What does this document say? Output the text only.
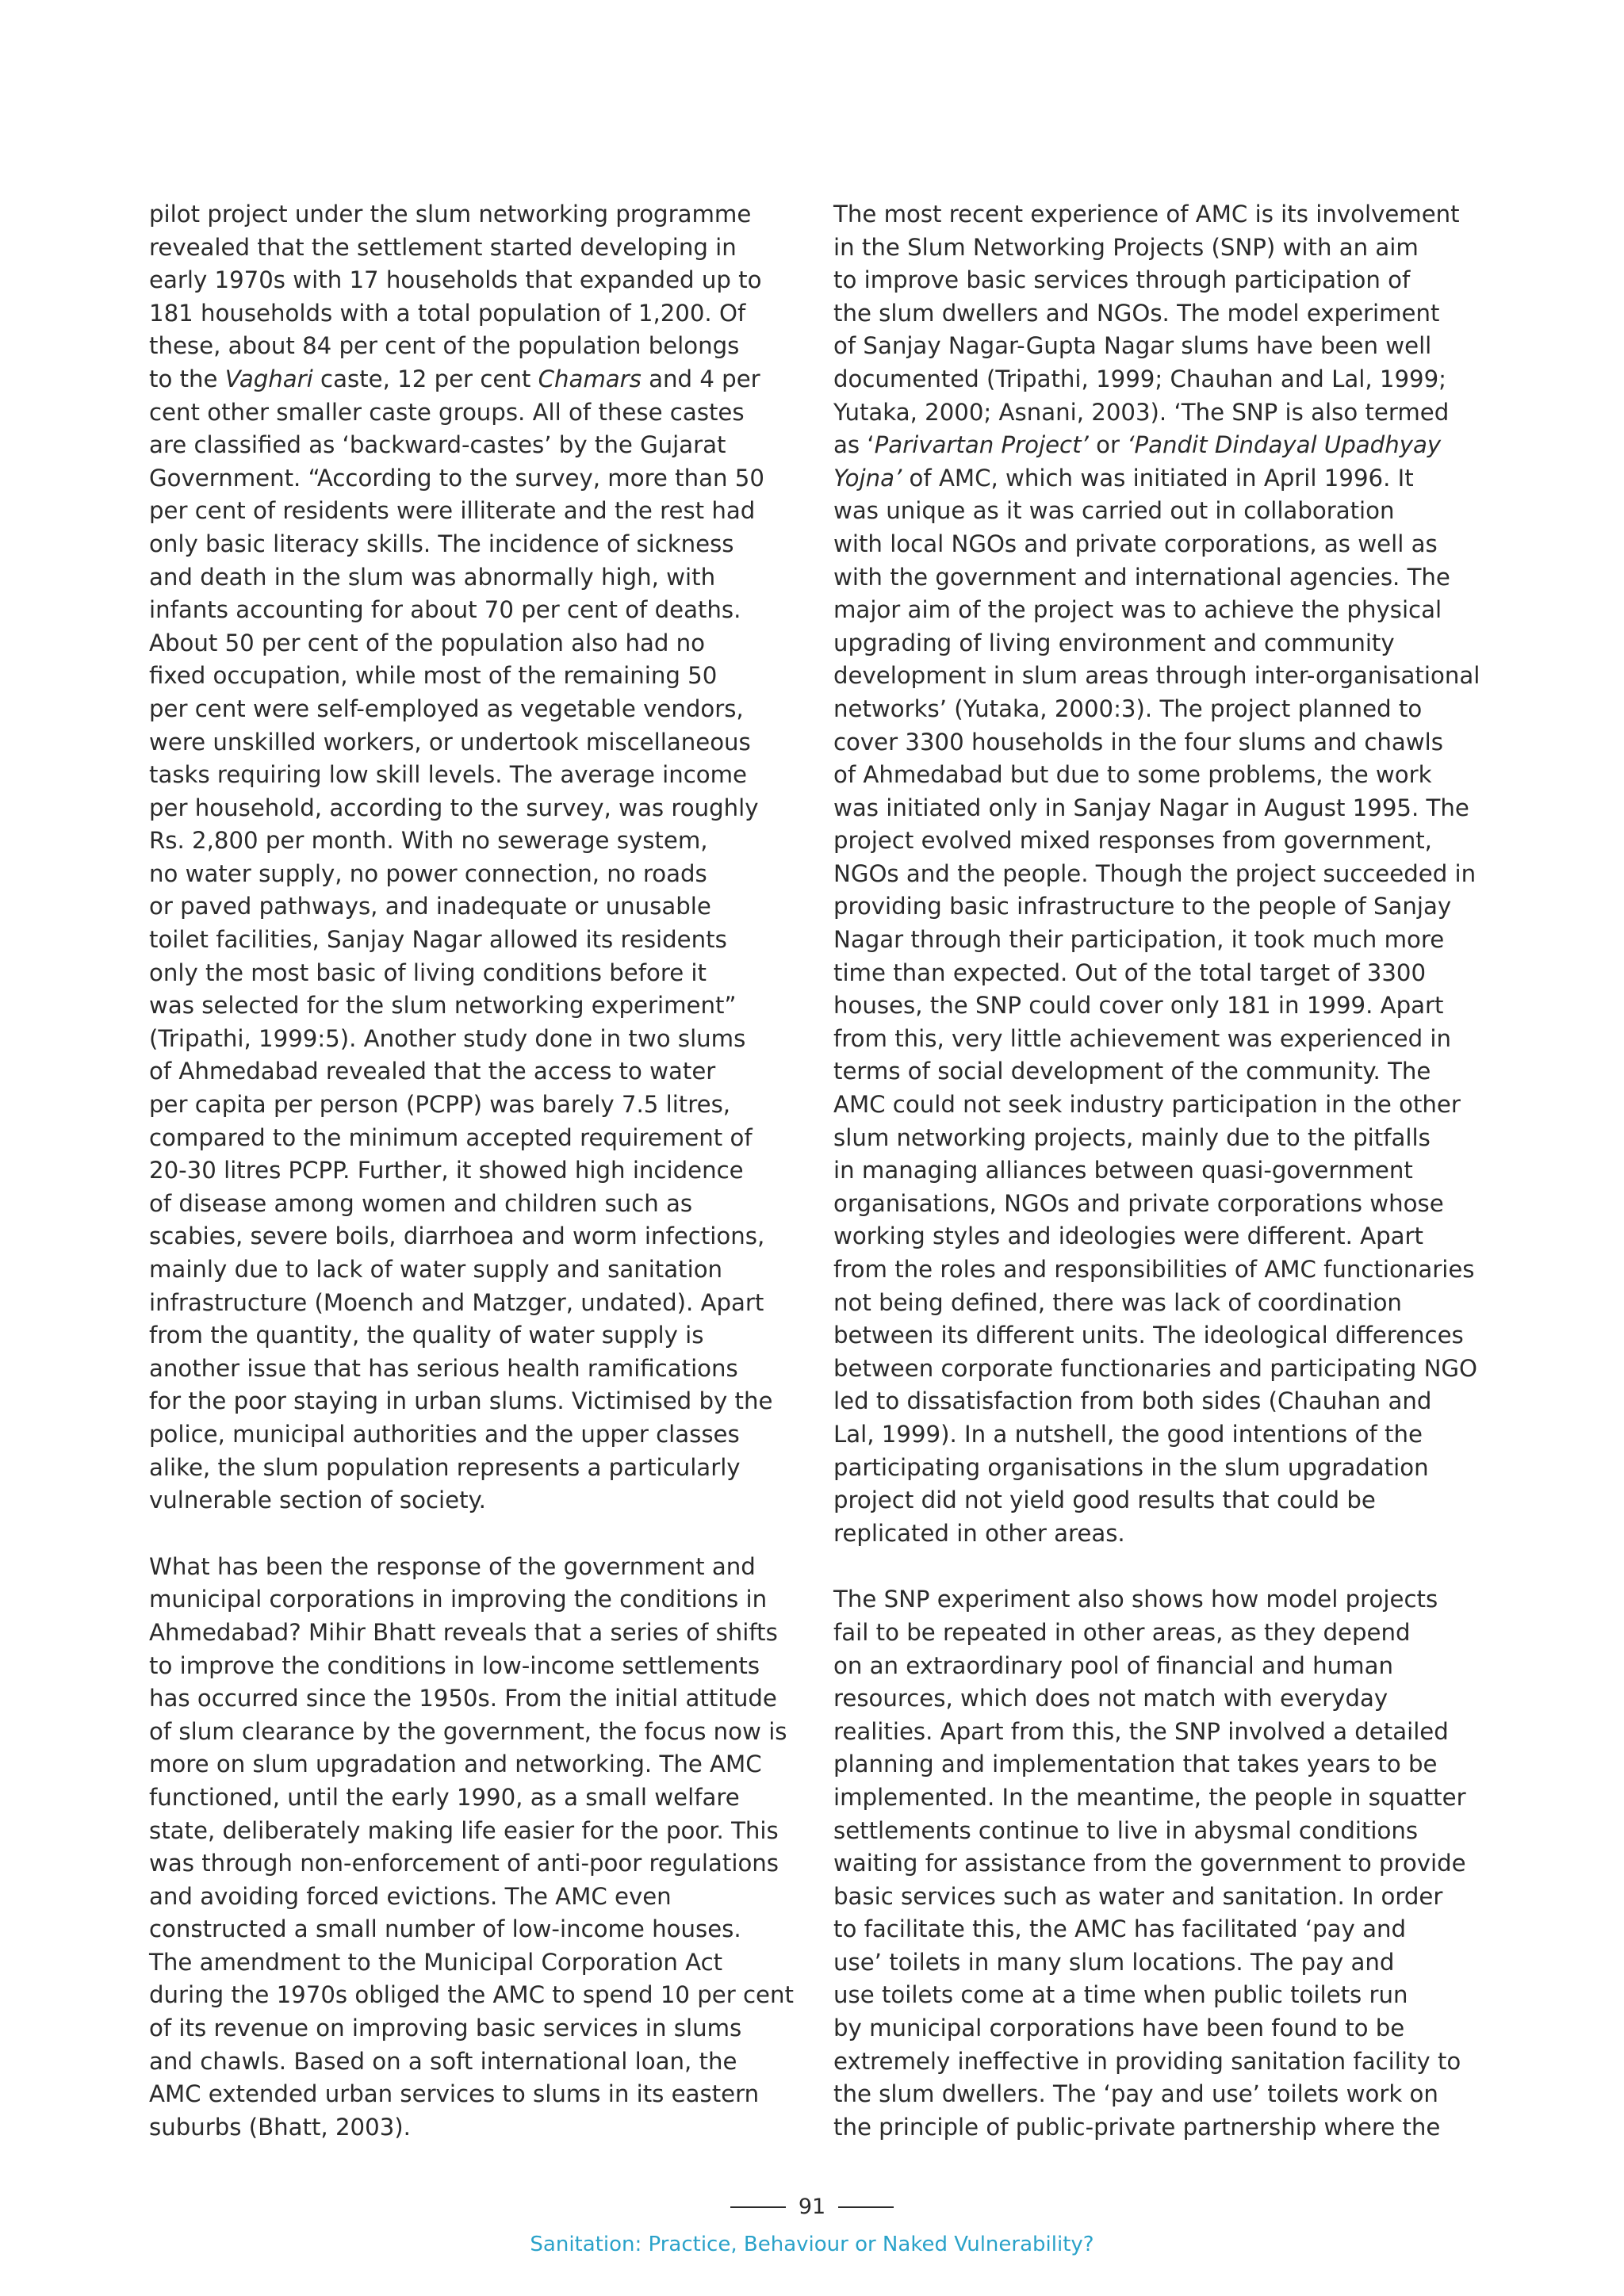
pilot project under the slum networking programme
revealed that the settlement started developing in
early 1970s with 17 households that expanded up to
181 households with a total population of 1,200. Of
these, about 84 per cent of the population belongs
to the Vaghari caste, 12 per cent Chamars and 4 per
cent other smaller caste groups. All of these castes
are classified as ‘backward-castes’ by the Gujarat
Government. “According to the survey, more than 50
per cent of residents were illiterate and the rest had
only basic literacy skills. The incidence of sickness
and death in the slum was abnormally high, with
infants accounting for about 70 per cent of deaths.
About 50 per cent of the population also had no
fixed occupation, while most of the remaining 50
per cent were self-employed as vegetable vendors,
were unskilled workers, or undertook miscellaneous
tasks requiring low skill levels. The average income
per household, according to the survey, was roughly
Rs. 2,800 per month. With no sewerage system,
no water supply, no power connection, no roads
or paved pathways, and inadequate or unusable
toilet facilities, Sanjay Nagar allowed its residents
only the most basic of living conditions before it
was selected for the slum networking experiment”
(Tripathi, 1999:5). Another study done in two slums
of Ahmedabad revealed that the access to water
per capita per person (PCPP) was barely 7.5 litres,
compared to the minimum accepted requirement of
20-30 litres PCPP. Further, it showed high incidence
of disease among women and children such as
scabies, severe boils, diarrhoea and worm infections,
mainly due to lack of water supply and sanitation
infrastructure (Moench and Matzger, undated). Apart
from the quantity, the quality of water supply is
another issue that has serious health ramifications
for the poor staying in urban slums. Victimised by the
police, municipal authorities and the upper classes
alike, the slum population represents a particularly
vulnerable section of society.

What has been the response of the government and
municipal corporations in improving the conditions in
Ahmedabad? Mihir Bhatt reveals that a series of shifts
to improve the conditions in low-income settlements
has occurred since the 1950s. From the initial attitude
of slum clearance by the government, the focus now is
more on slum upgradation and networking. The AMC
functioned, until the early 1990, as a small welfare
state, deliberately making life easier for the poor. This
was through non-enforcement of anti-poor regulations
and avoiding forced evictions. The AMC even
constructed a small number of low-income houses.
The amendment to the Municipal Corporation Act
during the 1970s obliged the AMC to spend 10 per cent
of its revenue on improving basic services in slums
and chawls. Based on a soft international loan, the
AMC extended urban services to slums in its eastern
suburbs (Bhatt, 2003).

The most recent experience of AMC is its involvement
in the Slum Networking Projects (SNP) with an aim
to improve basic services through participation of
the slum dwellers and NGOs. The model experiment
of Sanjay Nagar-Gupta Nagar slums have been well
documented (Tripathi, 1999; Chauhan and Lal, 1999;
Yutaka, 2000; Asnani, 2003). ‘The SNP is also termed
as ‘Parivartan Project’ or ‘Pandit Dindayal Upadhyay
Yojna’ of AMC, which was initiated in April 1996. It
was unique as it was carried out in collaboration
with local NGOs and private corporations, as well as
with the government and international agencies. The
major aim of the project was to achieve the physical
upgrading of living environment and community
development in slum areas through inter-organisational
networks’ (Yutaka, 2000:3). The project planned to
cover 3300 households in the four slums and chawls
of Ahmedabad but due to some problems, the work
was initiated only in Sanjay Nagar in August 1995. The
project evolved mixed responses from government,
NGOs and the people. Though the project succeeded in
providing basic infrastructure to the people of Sanjay
Nagar through their participation, it took much more
time than expected. Out of the total target of 3300
houses, the SNP could cover only 181 in 1999. Apart
from this, very little achievement was experienced in
terms of social development of the community. The
AMC could not seek industry participation in the other
slum networking projects, mainly due to the pitfalls
in managing alliances between quasi-government
organisations, NGOs and private corporations whose
working styles and ideologies were different. Apart
from the roles and responsibilities of AMC functionaries
not being defined, there was lack of coordination
between its different units. The ideological differences
between corporate functionaries and participating NGO
led to dissatisfaction from both sides (Chauhan and
Lal, 1999). In a nutshell, the good intentions of the
participating organisations in the slum upgradation
project did not yield good results that could be
replicated in other areas.

The SNP experiment also shows how model projects
fail to be repeated in other areas, as they depend
on an extraordinary pool of financial and human
resources, which does not match with everyday
realities. Apart from this, the SNP involved a detailed
planning and implementation that takes years to be
implemented. In the meantime, the people in squatter
settlements continue to live in abysmal conditions
waiting for assistance from the government to provide
basic services such as water and sanitation. In order
to facilitate this, the AMC has facilitated ‘pay and
use’ toilets in many slum locations. The pay and
use toilets come at a time when public toilets run
by municipal corporations have been found to be
extremely ineffective in providing sanitation facility to
the slum dwellers. The ‘pay and use’ toilets work on
the principle of public-private partnership where the

91
Sanitation: Practice, Behaviour or Naked Vulnerability?
